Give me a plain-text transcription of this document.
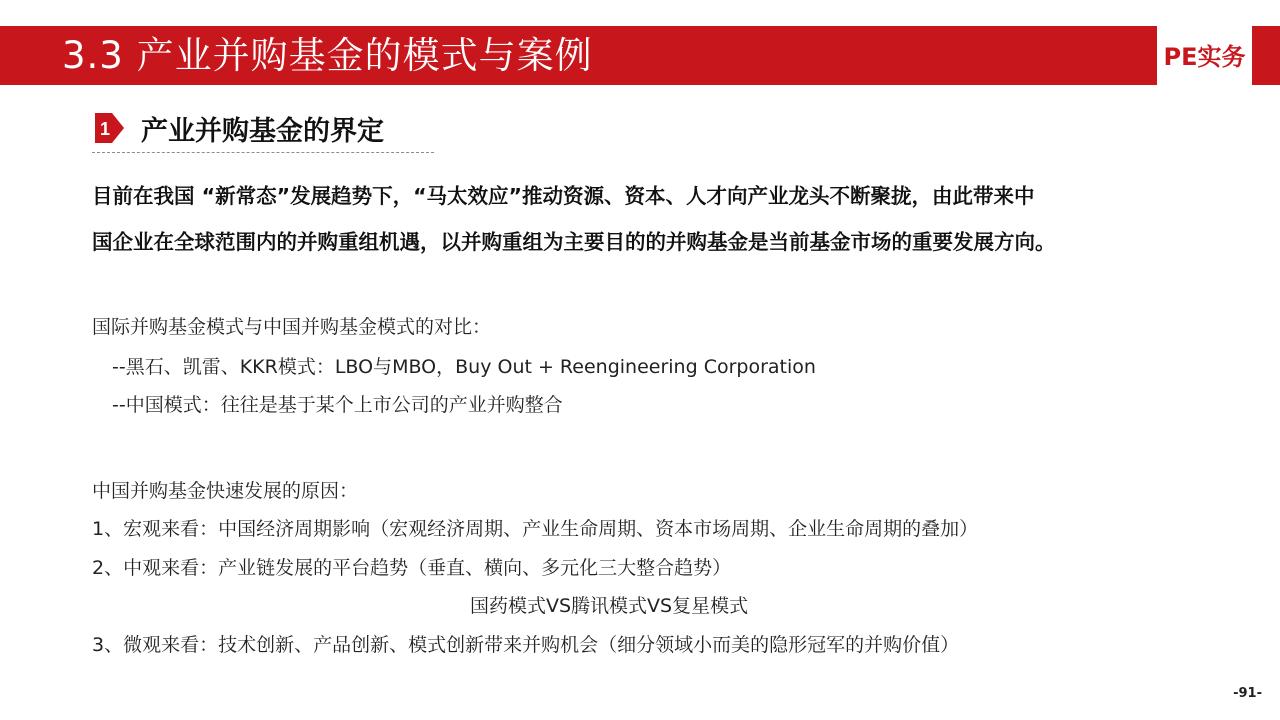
3.3 产业并购基金的模式与案例	PE实务
1 产业并购基金的界定
目前在我国 “新常态”发展趋势下，“马太效应”推动资源、资本、人才向产业龙头不断聚拢，由此带来中
国企业在全球范围内的并购重组机遇，以并购重组为主要目的的并购基金是当前基金市场的重要发展方向。
国际并购基金模式与中国并购基金模式的对比：
--黑石、凯雷、KKR模式：LBO与MBO，Buy Out + Reengineering Corporation
--中国模式：往往是基于某个上市公司的产业并购整合
中国并购基金快速发展的原因：
1、宏观来看：中国经济周期影响（宏观经济周期、产业生命周期、资本市场周期、企业生命周期的叠加）
2、中观来看：产业链发展的平台趋势（垂直、横向、多元化三大整合趋势）
国药模式VS腾讯模式VS复星模式
3、微观来看：技术创新、产品创新、模式创新带来并购机会（细分领域小而美的隐形冠军的并购价值）
-91-
